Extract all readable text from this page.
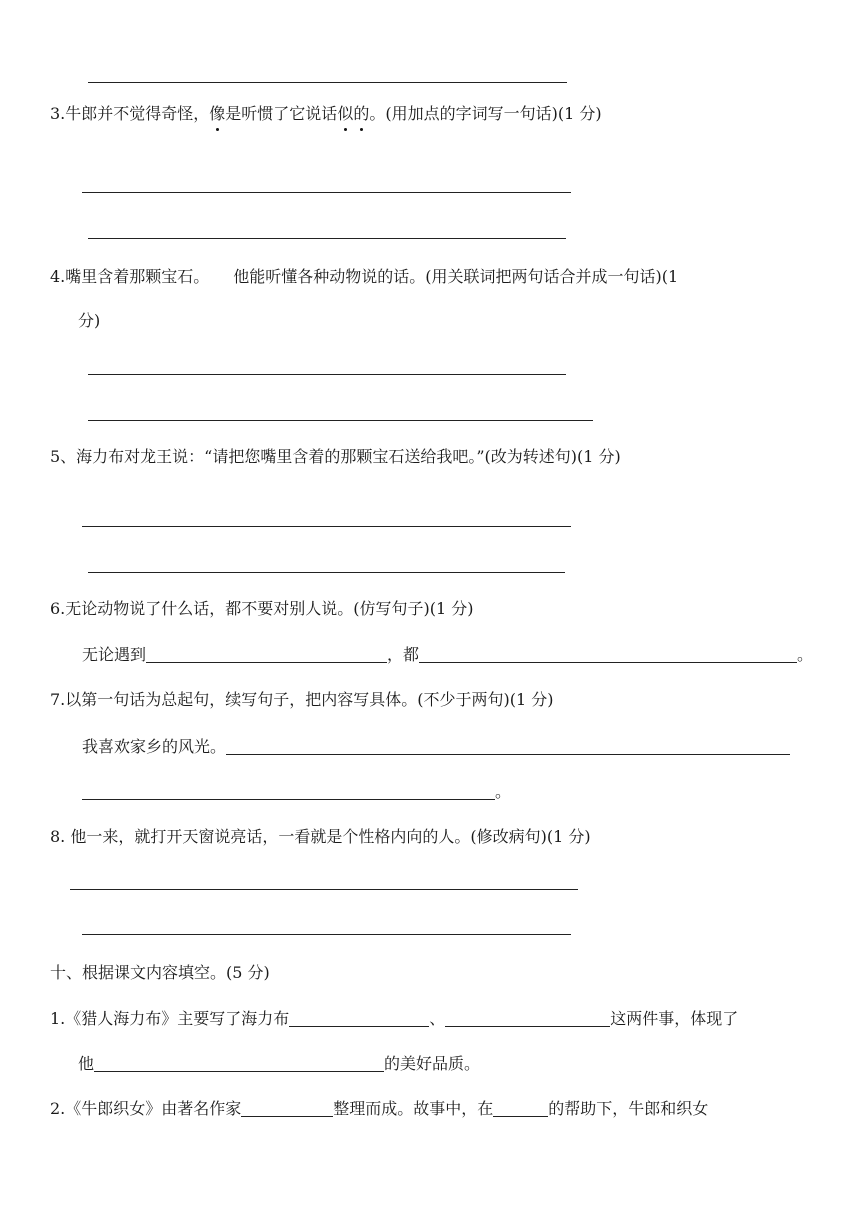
3.牛郎并不觉得奇怪，像是听惯了它说话似的。(用加点的字词写一句话)(1 分)
4.嘴里含着那颗宝石。　　他能听懂各种动物说的话。(用关联词把两句话合并成一句话)(1
分)
5、海力布对龙王说：“请把您嘴里含着的那颗宝石送给我吧。”(改为转述句)(1 分)
6.无论动物说了什么话，都不要对别人说。(仿写句子)(1 分)
无论遇到	，都	。
7.以第一句话为总起句，续写句子，把内容写具体。(不少于两句)(1 分)
我喜欢家乡的风光。
。
8. 他一来，就打开天窗说亮话，一看就是个性格内向的人。(修改病句)(1 分)
十、根据课文内容填空。(5 分)
1.《猎人海力布》主要写了海力布	、	这两件事，体现了
他	的美好品质。
2.《牛郎织女》由著名作家	整理而成。故事中，在	的帮助下，牛郎和织女
